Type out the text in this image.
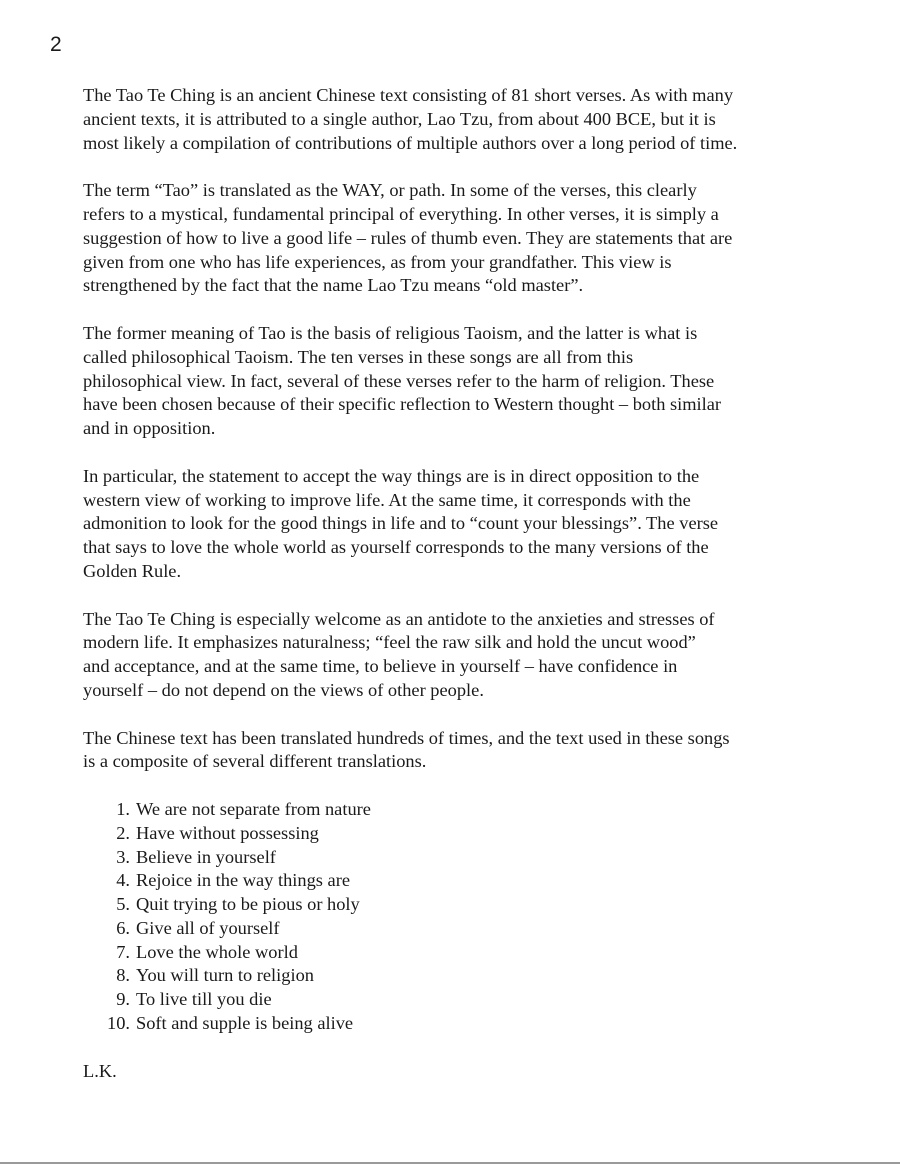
2

The Tao Te Ching is an ancient Chinese text consisting of 81 short verses. As with many
ancient texts, it is attributed to a single author, Lao Tzu, from about 400 BCE, but it is
most likely a compilation of contributions of multiple authors over a long period of time.

The term “Tao” is translated as the WAY, or path. In some of the verses, this clearly
refers to a mystical, fundamental principal of everything. In other verses, it is simply a
suggestion of how to live a good life – rules of thumb even. They are statements that are
given from one who has life experiences, as from your grandfather. This view is
strengthened by the fact that the name Lao Tzu means “old master”.

The former meaning of Tao is the basis of religious Taoism, and the latter is what is
called philosophical Taoism. The ten verses in these songs are all from this
philosophical view. In fact, several of these verses refer to the harm of religion. These
have been chosen because of their specific reflection to Western thought – both similar
and in opposition.

In particular, the statement to accept the way things are is in direct opposition to the
western view of working to improve life. At the same time, it corresponds with the
admonition to look for the good things in life and to “count your blessings”. The verse
that says to love the whole world as yourself corresponds to the many versions of the
Golden Rule.

The Tao Te Ching is especially welcome as an antidote to the anxieties and stresses of
modern life. It emphasizes naturalness; “feel the raw silk and hold the uncut wood”
and acceptance, and at the same time, to believe in yourself – have confidence in
yourself – do not depend on the views of other people.

The Chinese text has been translated hundreds of times, and the text used in these songs
is a composite of several different translations.

1. We are not separate from nature
2. Have without possessing
3. Believe in yourself
4. Rejoice in the way things are
5. Quit trying to be pious or holy
6. Give all of yourself
7. Love the whole world
8. You will turn to religion
9. To live till you die
10. Soft and supple is being alive

L.K.
